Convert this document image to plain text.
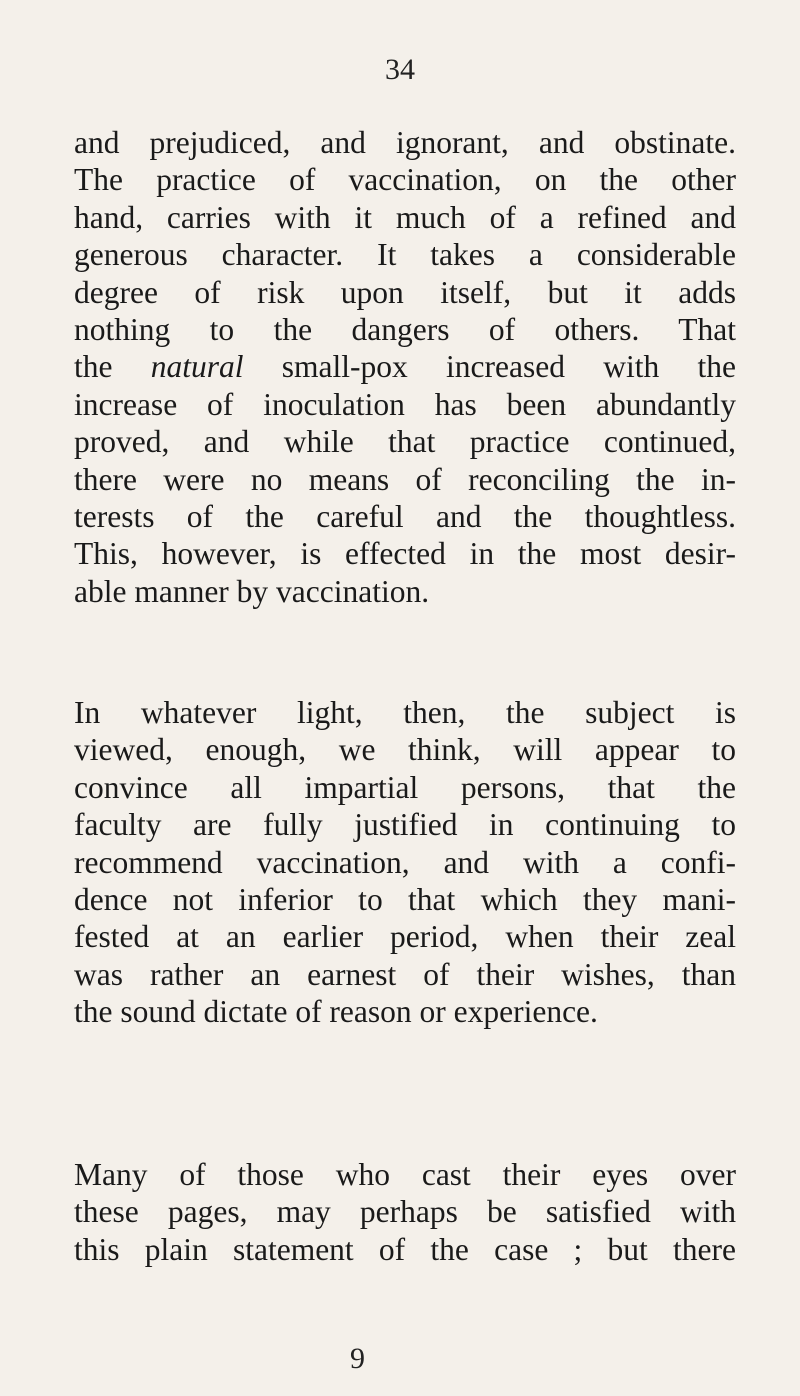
34
and prejudiced, and ignorant, and obstinate.
The practice of vaccination, on the other
hand, carries with it much of a refined and
generous character. It takes a considerable
degree of risk upon itself, but it adds
nothing to the dangers of others. That
the natural small-pox increased with the
increase of inoculation has been abundantly
proved, and while that practice continued,
there were no means of reconciling the in-
terests of the careful and the thoughtless.
This, however, is effected in the most desir-
able manner by vaccination.
In whatever light, then, the subject is
viewed, enough, we think, will appear to
convince all impartial persons, that the
faculty are fully justified in continuing to
recommend vaccination, and with a confi-
dence not inferior to that which they mani-
fested at an earlier period, when their zeal
was rather an earnest of their wishes, than
the sound dictate of reason or experience.
Many of those who cast their eyes over
these pages, may perhaps be satisfied with
this plain statement of the case ; but there
9
